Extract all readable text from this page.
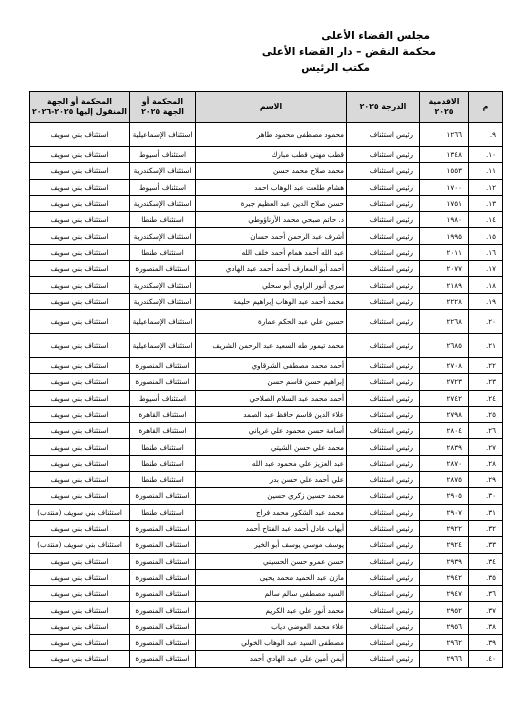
مجلس القضاء الأعلى
محكمة النقض – دار القضاء الأعلى
مكتب الرئيس
م	الاقدمية ٢٠٢٥	الدرجة ٢٠٢٥	الاسم	المحكمة أو الجهة ٢٠٢٥	المحكمة أو الجهة المنقول إليها ٢٠٢٥-٢٠٢٦
٩.	١٢٦٦	رئيس استئناف	محمود مصطفى محمود طاهر	استئناف الإسماعيلية	استئناف بني سويف
١٠.	١٣٤٨	رئيس استئناف	قطب مهني قطب مبارك	استئناف أسيوط	استئناف بني سويف
١١.	١٥٥٣	رئيس استئناف	محمد صلاح محمد حسن	استئناف الإسكندرية	استئناف بني سويف
١٢.	١٧٠٠	رئيس استئناف	هشام طلعت عبد الوهاب احمد	استئناف أسيوط	استئناف بني سويف
١٣.	١٧٥١	رئيس استئناف	حسن صلاح الدين عبد العظيم جبرة	استئناف الإسكندرية	استئناف بني سويف
١٤.	١٩٨٠	رئيس استئناف	د. حاتم صبحي محمد الأرناؤوطي	استئناف طنطا	استئناف بني سويف
١٥.	١٩٩٥	رئيس استئناف	أشرف عبد الرحمن أحمد حسان	استئناف الإسكندرية	استئناف بني سويف
١٦.	٢٠١١	رئيس استئناف	عبد الله أحمد همام أحمد خلف الله	استئناف طنطا	استئناف بني سويف
١٧.	٢٠٧٧	رئيس استئناف	أحمد أبو المعارف أحمد أحمد عبد الهادي	استئناف المنصورة	استئناف بني سويف
١٨.	٢١٨٩	رئيس استئناف	سري أنور الراوي أبو سحلي	استئناف الإسكندرية	استئناف بني سويف
١٩.	٢٢٢٨	رئيس استئناف	محمد أحمد عبد الوهاب إبراهيم حليمة	استئناف الإسكندرية	استئناف بني سويف
٢٠.	٢٢٦٨	رئيس استئناف	حسين علي عبد الحكم عمارة	استئناف الإسماعيلية	استئناف بني سويف
٢١.	٢٦٨٥	رئيس استئناف	محمد تيمور طه السعيد عبد الرحمن الشريف	استئناف الإسماعيلية	استئناف بني سويف
٢٢.	٢٧٠٨	رئيس استئناف	أحمد محمد مصطفى الشرقاوي	استئناف المنصورة	استئناف بني سويف
٢٣.	٢٧٢٣	رئيس استئناف	إبراهيم حسن قاسم حسن	استئناف المنصورة	استئناف بني سويف
٢٤.	٢٧٤٢	رئيس استئناف	أحمد محمد عبد السلام الصلاحي	استئناف أسيوط	استئناف بني سويف
٢٥.	٢٧٩٨	رئيس استئناف	علاء الدين قاسم حافظ عبد الصمد	استئناف القاهرة	استئناف بني سويف
٢٦.	٢٨٠٤	رئيس استئناف	أسامة حسن محمود علي غرياني	استئناف القاهرة	استئناف بني سويف
٢٧.	٢٨٣٩	رئيس استئناف	محمد علي حسن الشيتي	استئناف طنطا	استئناف بني سويف
٢٨.	٢٨٧٠	رئيس استئناف	عبد العزيز علي محمود عبد الله	استئناف طنطا	استئناف بني سويف
٢٩.	٢٨٧٥	رئيس استئناف	علي أحمد علي حسن بدر	استئناف طنطا	استئناف بني سويف
٣٠.	٢٩٠٥	رئيس استئناف	محمد حسين زكري حسين	استئناف المنصورة	استئناف بني سويف
٣١.	٢٩٠٧	رئيس استئناف	محمد عبد الشكور محمد فراج	استئناف طنطا	استئناف بني سويف (منتدب)
٣٢.	٢٩٢٢	رئيس استئناف	أيهاب عادل أحمد عبد الفتاح أحمد	استئناف المنصورة	استئناف بني سويف
٣٣.	٢٩٢٤	رئيس استئناف	يوسف موسي يوسف أبو الخير	استئناف المنصورة	استئناف بني سويف (منتدب)
٣٤.	٢٩٣٩	رئيس استئناف	حسن عمرو حسن الحسيني	استئناف المنصورة	استئناف بني سويف
٣٥.	٢٩٤٢	رئيس استئناف	مازن عبد الحميد محمد يحيى	استئناف المنصورة	استئناف بني سويف
٣٦.	٢٩٤٧	رئيس استئناف	السيد مصطفى سالم سالم	استئناف المنصورة	استئناف بني سويف
٣٧.	٢٩٥٢	رئيس استئناف	محمد أنور علي عبد الكريم	استئناف المنصورة	استئناف بني سويف
٣٨.	٢٩٥٦	رئيس استئناف	علاء محمد العوضي دياب	استئناف المنصورة	استئناف بني سويف
٣٩.	٢٩٦٢	رئيس استئناف	مصطفى السيد عبد الوهاب الخولي	استئناف المنصورة	استئناف بني سويف
٤٠.	٢٩٦٦	رئيس استئناف	أيمن أمين علي عبد الهادي أحمد	استئناف المنصورة	استئناف بني سويف
